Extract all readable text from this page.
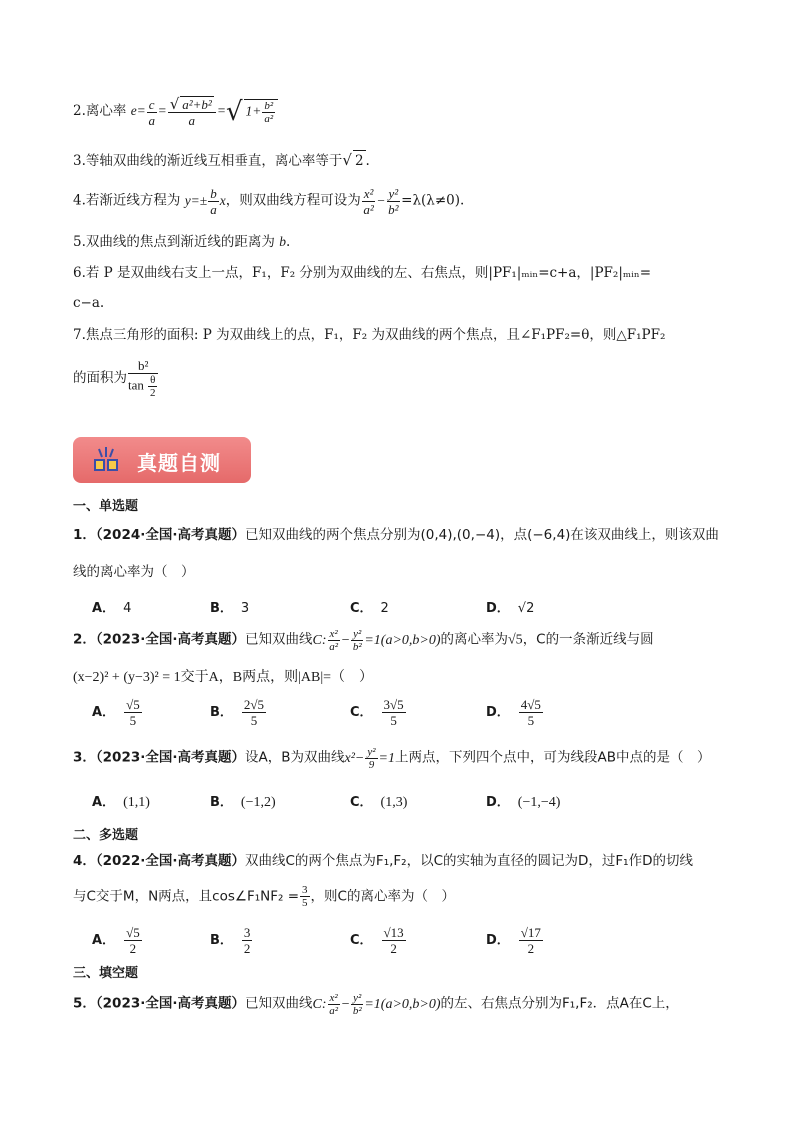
2.离心率 $e= \frac{c}{a} = \frac{\text{√ a²+b²}}{a}$ =√ $1+ \frac{\text{b²}}{\text{a²}}$
3.等轴双曲线的渐近线互相垂直，离心率等于√ 2 .
4.若渐近线方程为 $y=\pm \frac{b}{a}$ x，则双曲线方程可设为 $\frac{\text{x²}}{\text{a²}} - \frac{\text{y²}}{\text{b²}} =\lambda(\lambda\ne 0)$.
5.双曲线的焦点到渐近线的距离为 b.
6.若 P 是双曲线右支上一点，F₁，F₂ 分别为双曲线的左、右焦点，则|PF₁|ₘᵢₙ=c+a，|PF₂|ₘᵢₙ=
c−a.
7.焦点三角形的面积: P 为双曲线上的点，F₁，F₂ 为双曲线的两个焦点，且∠F₁PF₂=θ，则△F₁PF₂
的面积为 $\frac{\text{b²}}{\tan \frac{\theta}{2}}$
真题自测
一、单选题
1．（2024·全国·高考真题）已知双曲线的两个焦点分别为(0,4),(0,−4)，点(−6,4)在该双曲线上，则该双曲
线的离心率为（　）
A． 4	B． 3	C． 2	D． √2
2．（2023·全国·高考真题）已知双曲线C: $\frac{\text{x²}}{\text{a²}} - \frac{\text{y²}}{\text{b²}} =1(a>0,b>0)$的离心率为√5，C的一条渐近线与圆
(x−2)² + (y−3)² = 1交于A，B两点，则|AB|=（　）
A． $\frac{√5}{5}$	B． $\frac{2√5}{5}$	C． $\frac{3√5}{5}$	D． $\frac{4√5}{5}$
3．（2023·全国·高考真题）设A，B为双曲线$x^2- \frac{\text{y²}}{9} =1$上两点，下列四个点中，可为线段AB中点的是（　）
A． (1,1)	B． (−1,2)	C． (1,3)	D． (−1,−4)
二、多选题
4．（2022·全国·高考真题）双曲线C的两个焦点为F₁,F₂，以C的实轴为直径的圆记为D，过F₁作D的切线
与C交于M，N两点，且cos∠F₁NF₂ = $\frac{3}{5}$ ，则C的离心率为（　）
A． $\frac{√5}{2}$	B． $\frac{3}{2}$	C． $\frac{√13}{2}$	D． $\frac{√17}{2}$
三、填空题
5．（2023·全国·高考真题）已知双曲线C: $\frac{\text{x²}}{\text{a²}} - \frac{\text{y²}}{\text{b²}} =1(a>0,b>0)$的左、右焦点分别为F₁,F₂．点A在C上，
